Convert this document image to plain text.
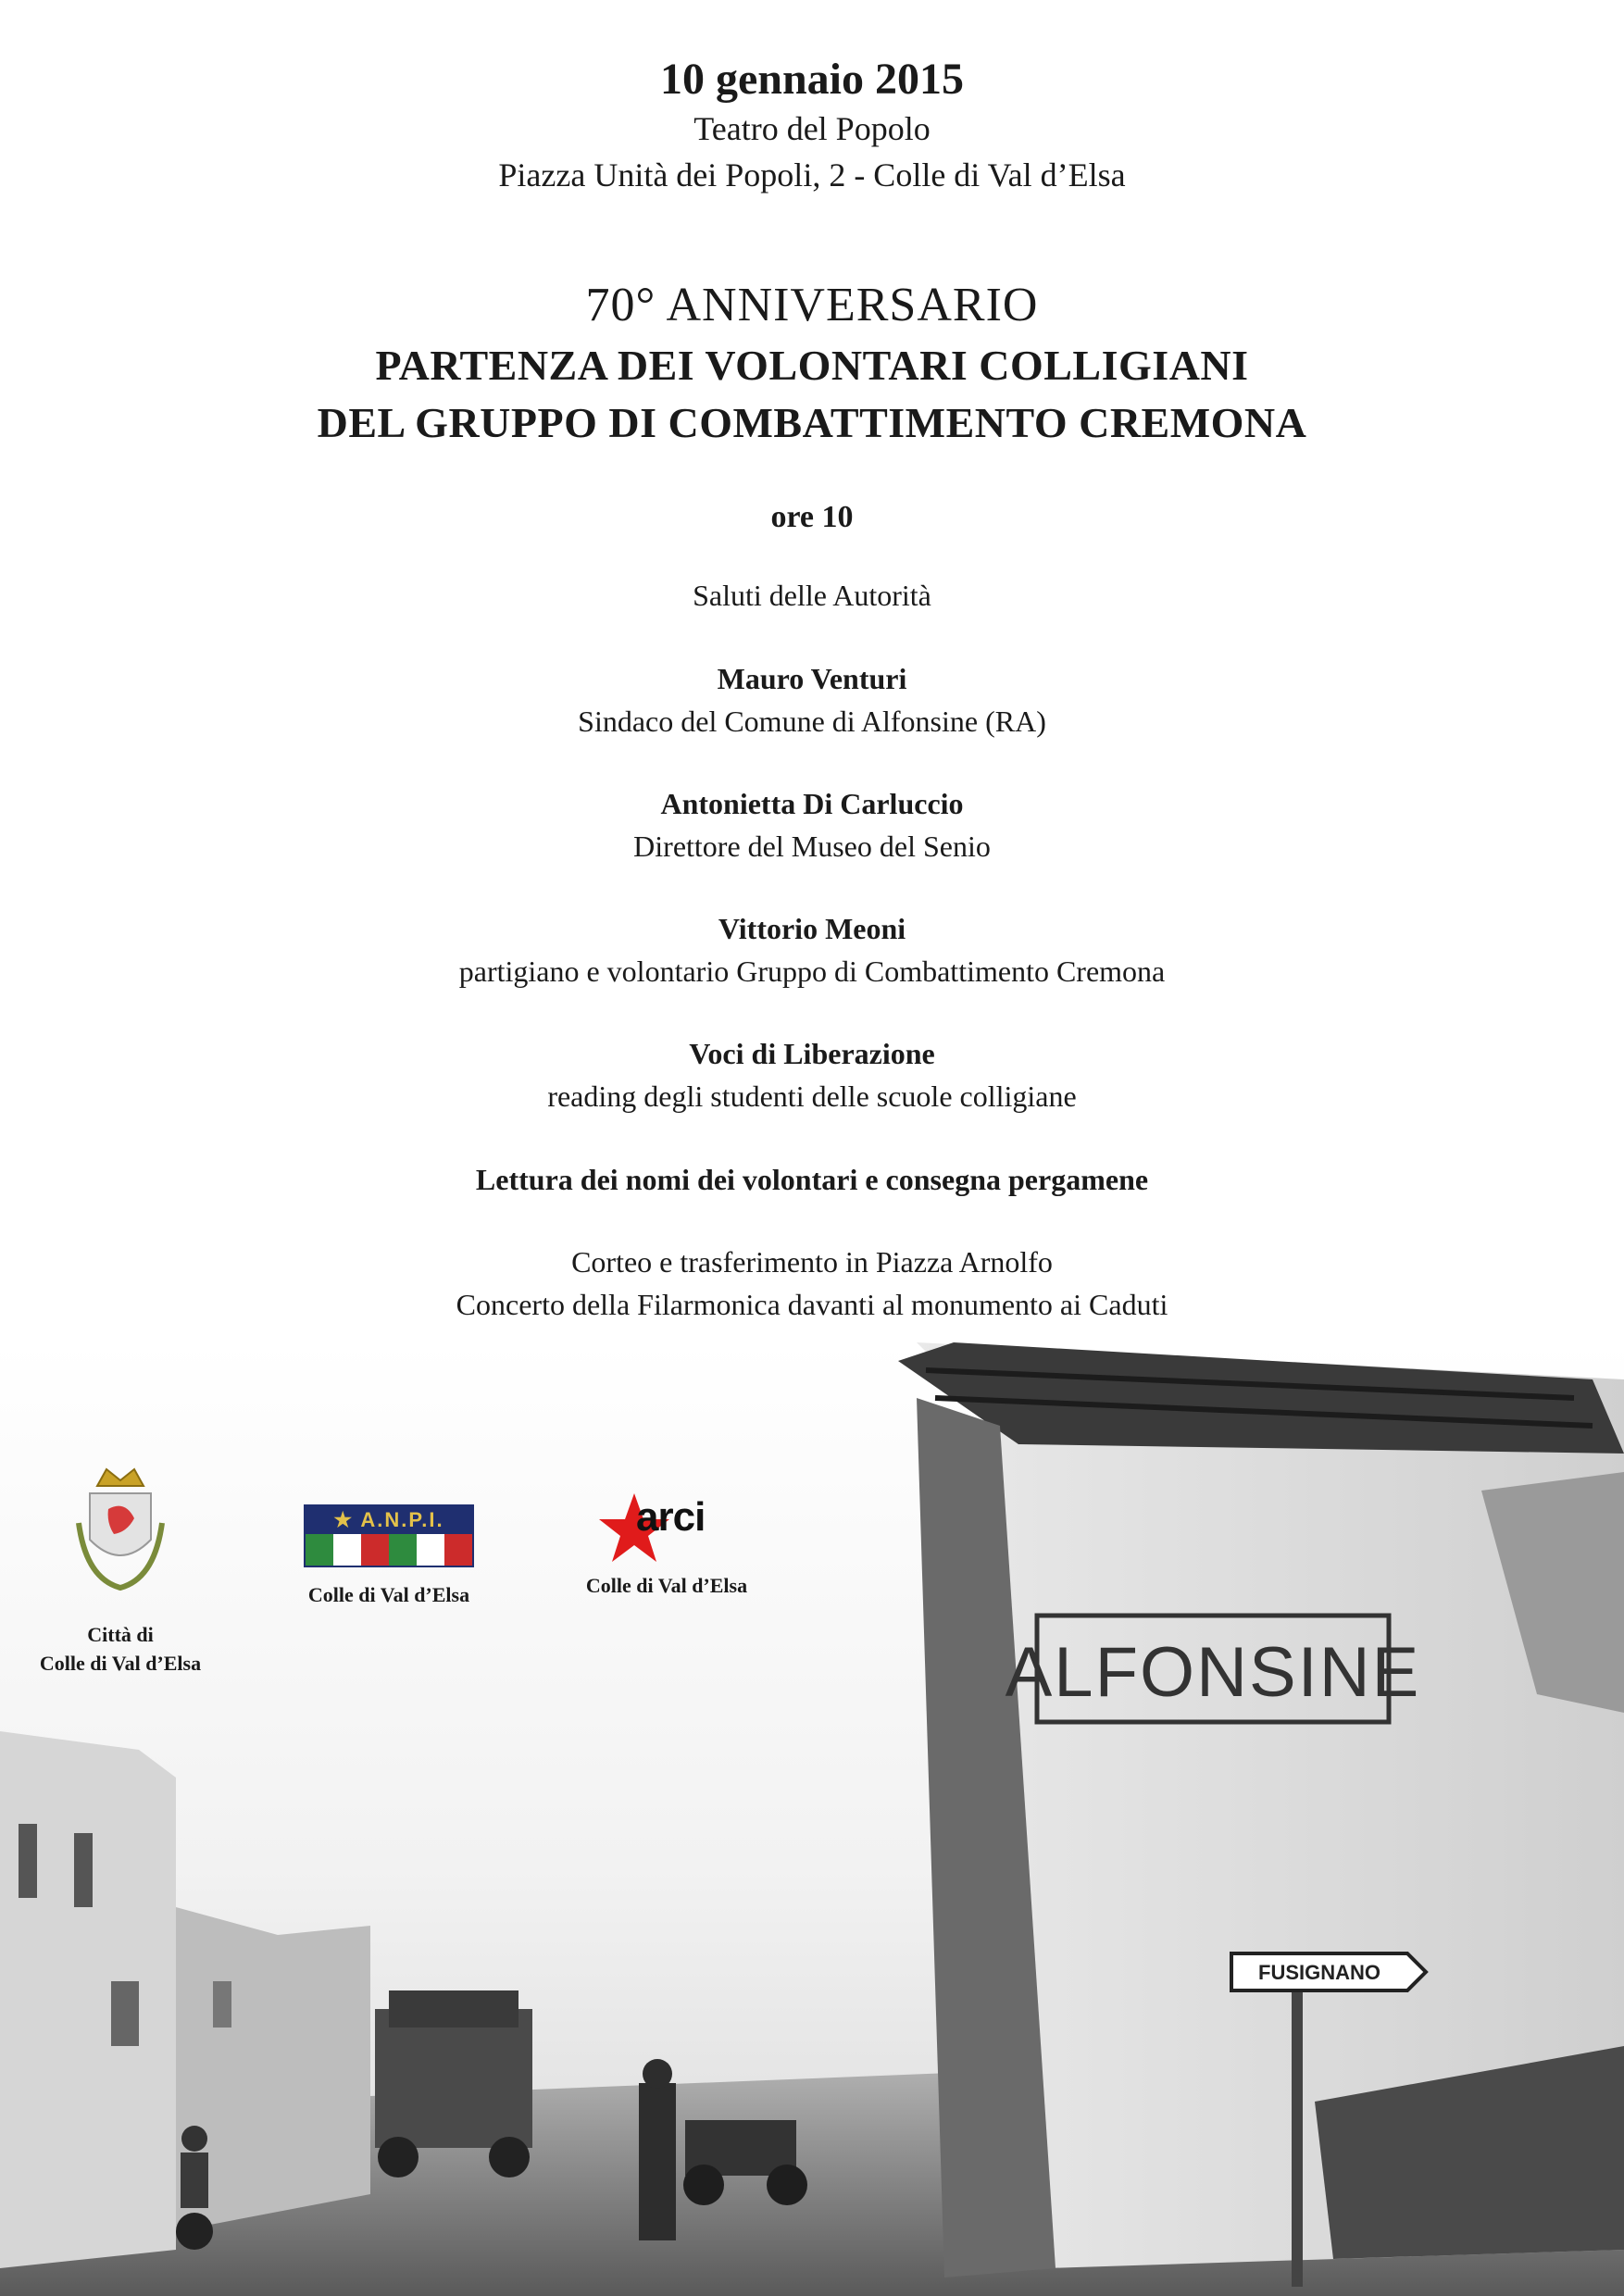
10 gennaio 2015
Teatro del Popolo
Piazza Unità dei Popoli, 2 - Colle di Val d’Elsa
70° ANNIVERSARIO
PARTENZA DEI VOLONTARI COLLIGIANI
DEL GRUPPO DI COMBATTIMENTO CREMONA
ore 10
Saluti delle Autorità
Mauro Venturi
Sindaco del Comune di Alfonsine (RA)
Antonietta Di Carluccio
Direttore del Museo del Senio
Vittorio Meoni
partigiano e volontario Gruppo di Combattimento Cremona
Voci di Liberazione
reading degli studenti delle scuole colligiane
Lettura dei nomi dei volontari e consegna pergamene
Corteo e trasferimento in Piazza Arnolfo
Concerto della Filarmonica davanti al monumento ai Caduti
ALFONSINE
FUSIGNANO
Città di
Colle di Val d’Elsa
★ A.N.P.I.
Colle di Val d’Elsa
arci
Colle di Val d’Elsa
